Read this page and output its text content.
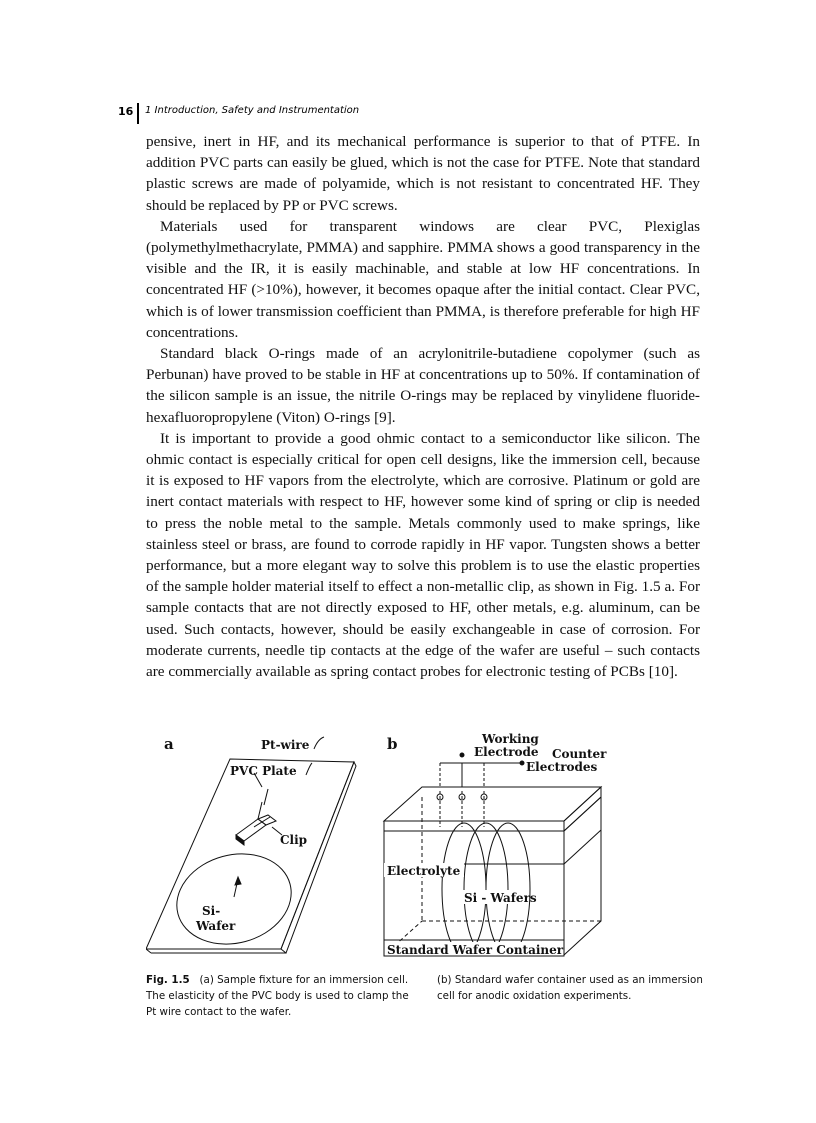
16 1 Introduction, Safety and Instrumentation

pensive, inert in HF, and its mechanical performance is superior to that of PTFE. In addition PVC parts can easily be glued, which is not the case for PTFE. Note that standard plastic screws are made of polyamide, which is not resistant to concentrated HF. They should be replaced by PP or PVC screws.

Materials used for transparent windows are clear PVC, Plexiglas (polymethylmethacrylate, PMMA) and sapphire. PMMA shows a good transparency in the visible and the IR, it is easily machinable, and stable at low HF concentrations. In concentrated HF (>10%), however, it becomes opaque after the initial contact. Clear PVC, which is of lower transmission coefficient than PMMA, is therefore preferable for high HF concentrations.

Standard black O-rings made of an acrylonitrile-butadiene copolymer (such as Perbunan) have proved to be stable in HF at concentrations up to 50%. If contamination of the silicon sample is an issue, the nitrile O-rings may be replaced by vinylidene fluoride-hexafluoropropylene (Viton) O-rings [9].

It is important to provide a good ohmic contact to a semiconductor like silicon. The ohmic contact is especially critical for open cell designs, like the immersion cell, because it is exposed to HF vapors from the electrolyte, which are corrosive. Platinum or gold are inert contact materials with respect to HF, however some kind of spring or clip is needed to press the noble metal to the sample. Metals commonly used to make springs, like stainless steel or brass, are found to corrode rapidly in HF vapor. Tungsten shows a better performance, but a more elegant way to solve this problem is to use the elastic properties of the sample holder material itself to effect a non-metallic clip, as shown in Fig. 1.5 a. For sample contacts that are not directly exposed to HF, other metals, e.g. aluminum, can be used. Such contacts, however, should be easily exchangeable in case of corrosion. For moderate currents, needle tip contacts at the edge of the wafer are useful – such contacts are commercially available as spring contact probes for electronic testing of PCBs [10].

a	Pt-wire
PVC Plate
Clip
Si-
Wafer
b	Working
Electrode Counter
Electrodes
Electrolyte
Si - Wafers
Standard Wafer Container
Fig. 1.5 (a) Sample fixture for an immersion cell. The elasticity of the PVC body is used to clamp the Pt wire contact to the wafer.
(b) Standard wafer container used as an immersion cell for anodic oxidation experiments.
